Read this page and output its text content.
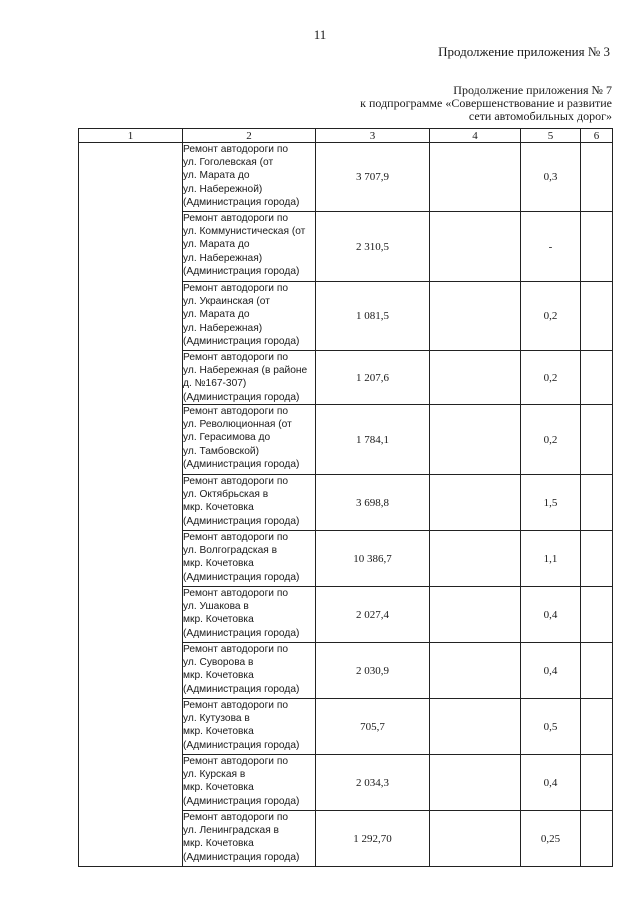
11
Продолжение приложения № 3
Продолжение приложения № 7
к подпрограмме «Совершенствование и развитие
сети автомобильных дорог»
1	2	3	4	5	6

	Ремонт автодороги по
ул. Гоголевская (от
ул. Марата до
ул. Набережной)
(Администрация города)	3 707,9		0,3	

	Ремонт автодороги по
ул. Коммунистическая (от
ул. Марата до
ул. Набережная)
(Администрация города)	2 310,5		-	

	Ремонт автодороги по
ул. Украинская (от
ул. Марата до
ул. Набережная)
(Администрация города)	1 081,5		0,2	

	Ремонт автодороги по
ул. Набережная (в районе
д. №167-307)
(Администрация города)	1 207,6		0,2	

	Ремонт автодороги по
ул. Революционная (от
ул. Герасимова до
ул. Тамбовской)
(Администрация города)	1 784,1		0,2	

	Ремонт автодороги по
ул. Октябрьская в
мкр. Кочетовка
(Администрация города)	3 698,8		1,5	

	Ремонт автодороги по
ул. Волгоградская в
мкр. Кочетовка
(Администрация города)	10 386,7		1,1	

	Ремонт автодороги по
ул. Ушакова в
мкр. Кочетовка
(Администрация города)	2 027,4		0,4	

	Ремонт автодороги по
ул. Суворова в
мкр. Кочетовка
(Администрация города)	2 030,9		0,4	

	Ремонт автодороги по
ул. Кутузова в
мкр. Кочетовка
(Администрация города)	705,7		0,5	

	Ремонт автодороги по
ул. Курская в
мкр. Кочетовка
(Администрация города)	2 034,3		0,4	

	Ремонт автодороги по
ул. Ленинградская в
мкр. Кочетовка
(Администрация города)	1 292,70		0,25	
